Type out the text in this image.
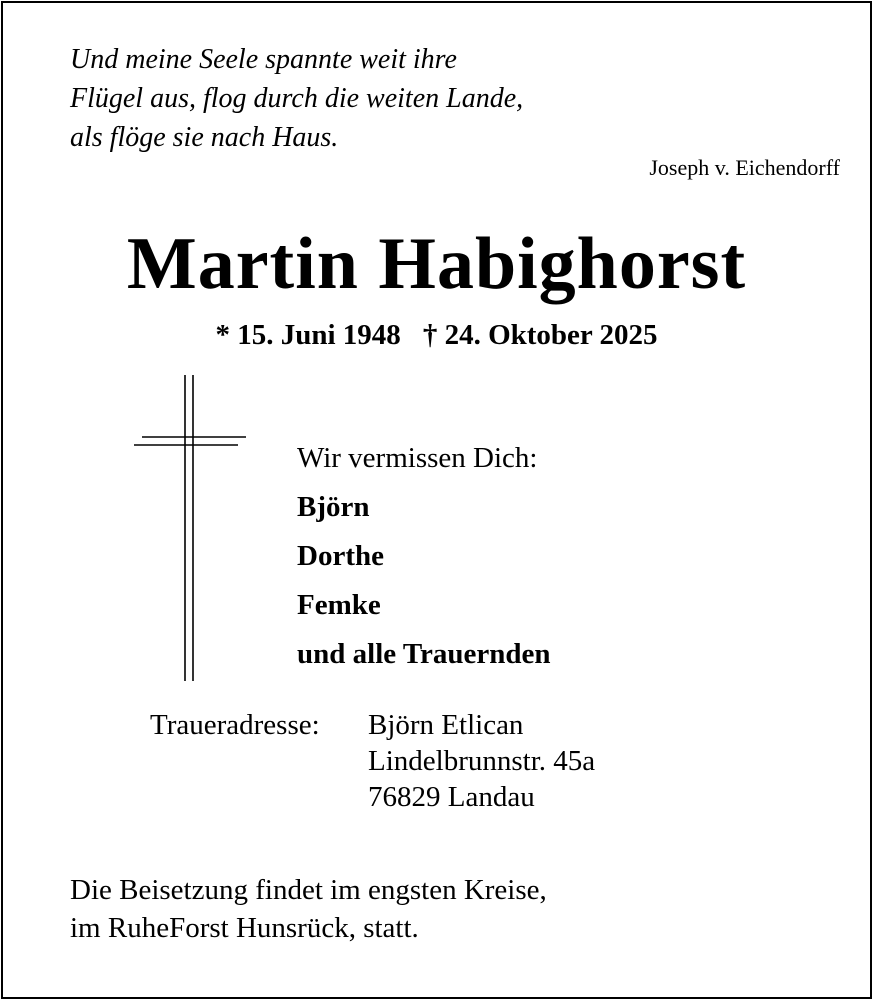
Und meine Seele spannte weit ihre
Flügel aus, flog durch die weiten Lande,
als flöge sie nach Haus.
Joseph v. Eichendorff
Martin Habighorst
* 15. Juni 1948 † 24. Oktober 2025
Wir vermissen Dich:
Björn
Dorthe
Femke
und alle Trauernden
Traueradresse: Björn Etlican
Lindelbrunnstr. 45a
76829 Landau
Die Beisetzung findet im engsten Kreise,
im RuheForst Hunsrück, statt.
